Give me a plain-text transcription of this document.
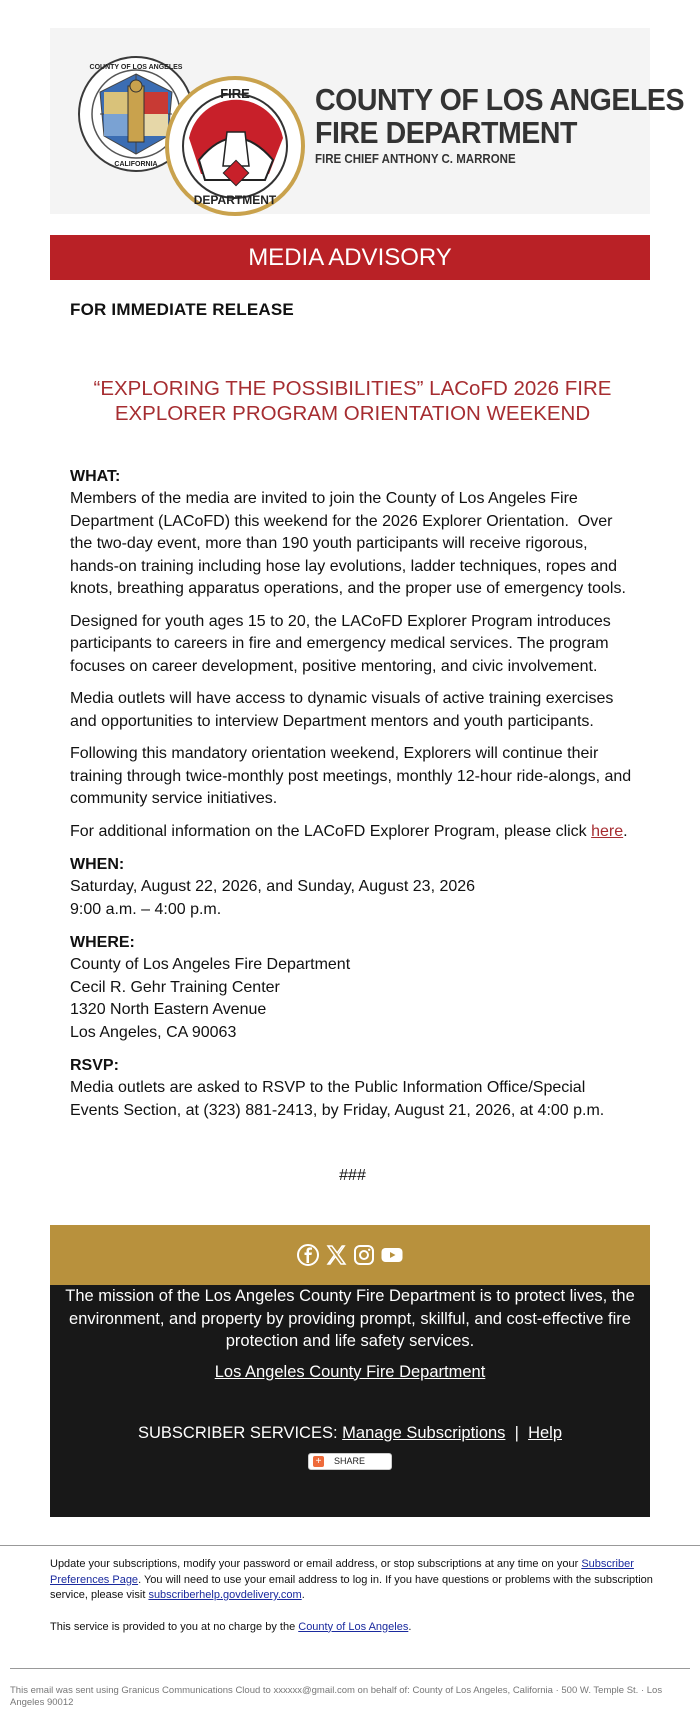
COUNTY OF LOS ANGELES
CALIFORNIA
FIRE
DEPARTMENT
COUNTY OF LOS ANGELES
FIRE DEPARTMENT
FIRE CHIEF ANTHONY C. MARRONE
MEDIA ADVISORY
FOR IMMEDIATE RELEASE
“EXPLORING THE POSSIBILITIES” LACoFD 2026 FIRE EXPLORER PROGRAM ORIENTATION WEEKEND
WHAT:

Members of the media are invited to join the County of Los Angeles Fire Department (LACoFD) this weekend for the 2026 Explorer Orientation.  Over the two-day event, more than 190 youth participants will receive rigorous, hands-on training including hose lay evolutions, ladder techniques, ropes and knots, breathing apparatus operations, and the proper use of emergency tools.

Designed for youth ages 15 to 20, the LACoFD Explorer Program introduces participants to careers in fire and emergency medical services. The program focuses on career development, positive mentoring, and civic involvement.

Media outlets will have access to dynamic visuals of active training exercises and opportunities to interview Department mentors and youth participants.

Following this mandatory orientation weekend, Explorers will continue their training through twice-monthly post meetings, monthly 12-hour ride-alongs, and community service initiatives.

For additional information on the LACoFD Explorer Program, please click here.

WHEN:

Saturday, August 22, 2026, and Sunday, August 23, 2026

9:00 a.m. – 4:00 p.m.

WHERE:

County of Los Angeles Fire Department

Cecil R. Gehr Training Center

1320 North Eastern Avenue

Los Angeles, CA 90063

RSVP:

Media outlets are asked to RSVP to the Public Information Office/Special Events Section, at (323) 881-2413, by Friday, August 21, 2026, at 4:00 p.m.

###

The mission of the Los Angeles County Fire Department is to protect lives, the environment, and property by providing prompt, skillful, and cost-effective fire protection and life safety services.

Los Angeles County Fire Department
SUBSCRIBER SERVICES: Manage Subscriptions | Help
+ SHARE

Update your subscriptions, modify your password or email address, or stop subscriptions at any time on your Subscriber Preferences Page. You will need to use your email address to log in. If you have questions or problems with the subscription service, please visit subscriberhelp.govdelivery.com.

This service is provided to you at no charge by the County of Los Angeles.

This email was sent using Granicus Communications Cloud to xxxxxx@gmail.com on behalf of: County of Los Angeles, California · 500 W. Temple St. · Los Angeles 90012
